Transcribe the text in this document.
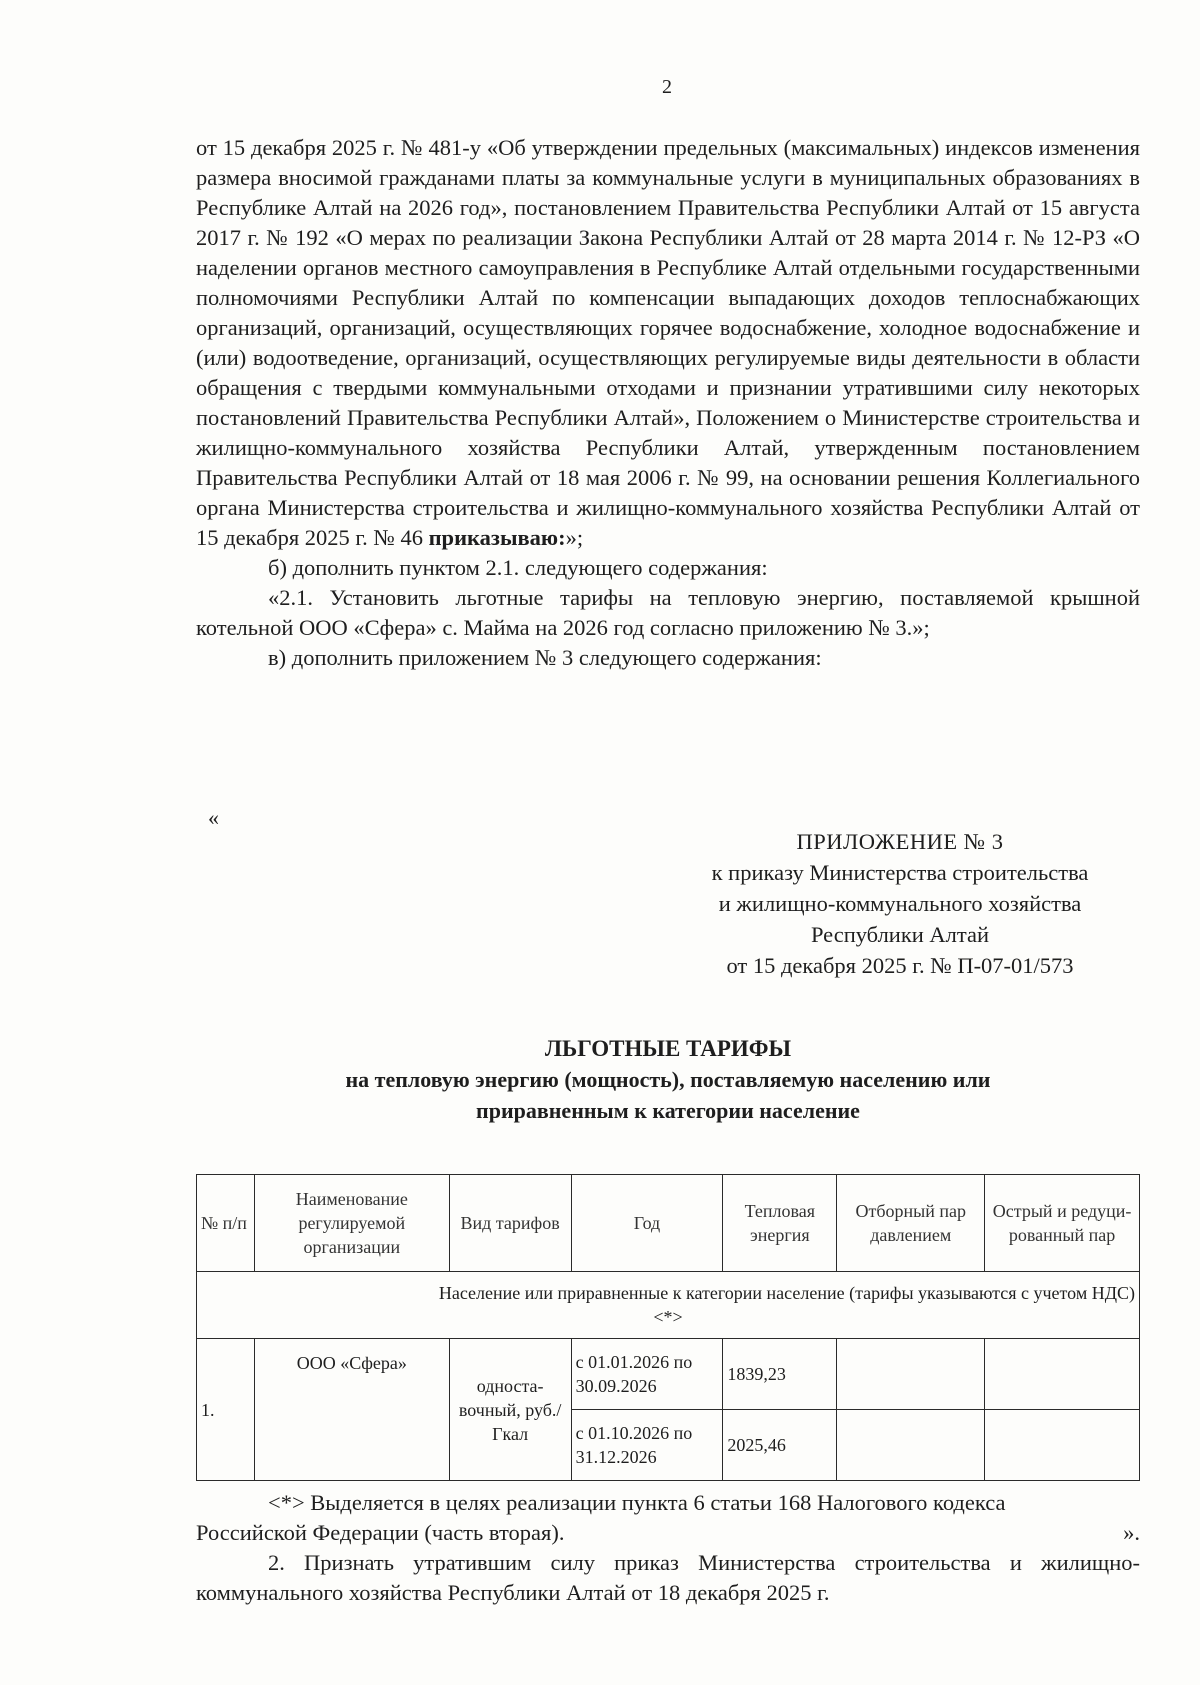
2

от 15 декабря 2025 г. № 481-у «Об утверждении предельных (максимальных) индексов изменения размера вносимой гражданами платы за коммунальные услуги в муниципальных образованиях в Республике Алтай на 2026 год», постановлением Правительства Республики Алтай от 15 августа 2017 г. № 192 «О мерах по реализации Закона Республики Алтай от 28 марта 2014 г. № 12-РЗ «О наделении органов местного самоуправления в Республике Алтай отдельными государственными полномочиями Республики Алтай по компенсации выпадающих доходов теплоснабжающих организаций, организаций, осуществляющих горячее водоснабжение, холодное водоснабжение и (или) водоотведение, организаций, осуществляющих регулируемые виды деятельности в области обращения с твердыми коммунальными отходами и признании утратившими силу некоторых постановлений Правительства Республики Алтай», Положением о Министерстве строительства и жилищно-коммунального хозяйства Республики Алтай, утвержденным постановлением Правительства Республики Алтай от 18 мая 2006 г. № 99, на основании решения Коллегиального органа Министерства строительства и жилищно-коммунального хозяйства Республики Алтай от 15 декабря 2025 г. № 46 приказываю:»;

б) дополнить пунктом 2.1. следующего содержания:

«2.1. Установить льготные тарифы на тепловую энергию, поставляемой крышной котельной ООО «Сфера» с. Майма на 2026 год согласно приложению № 3.»;

в) дополнить приложением № 3 следующего содержания:

«
ПРИЛОЖЕНИЕ № 3
к приказу Министерства строительства
и жилищно-коммунального хозяйства
Республики Алтай
от 15 декабря 2025 г. № П-07-01/573
ЛЬГОТНЫЕ ТАРИФЫ
на тепловую энергию (мощность), поставляемую населению или
приравненным к категории население
№ п/п	Наименование регулируемой организации	Вид тарифов	Год	Тепловая энергия	Отборный пар давлением	Острый и редуци-рованный пар

Население или приравненные к категории население (тарифы указываются с учетом НДС)
<*>						
1.	ООО «Сфера»	односта-вочный, руб./Гкал	с 01.01.2026 по 30.09.2026	1839,23		
			с 01.10.2026 по 31.12.2026	2025,46		

<*> Выделяется в целях реализации пункта 6 статьи 168 Налогового кодекса

Российской Федерации (часть вторая).	».

2. Признать утратившим силу приказ Министерства строительства и жилищно-коммунального хозяйства Республики Алтай от 18 декабря 2025 г.
